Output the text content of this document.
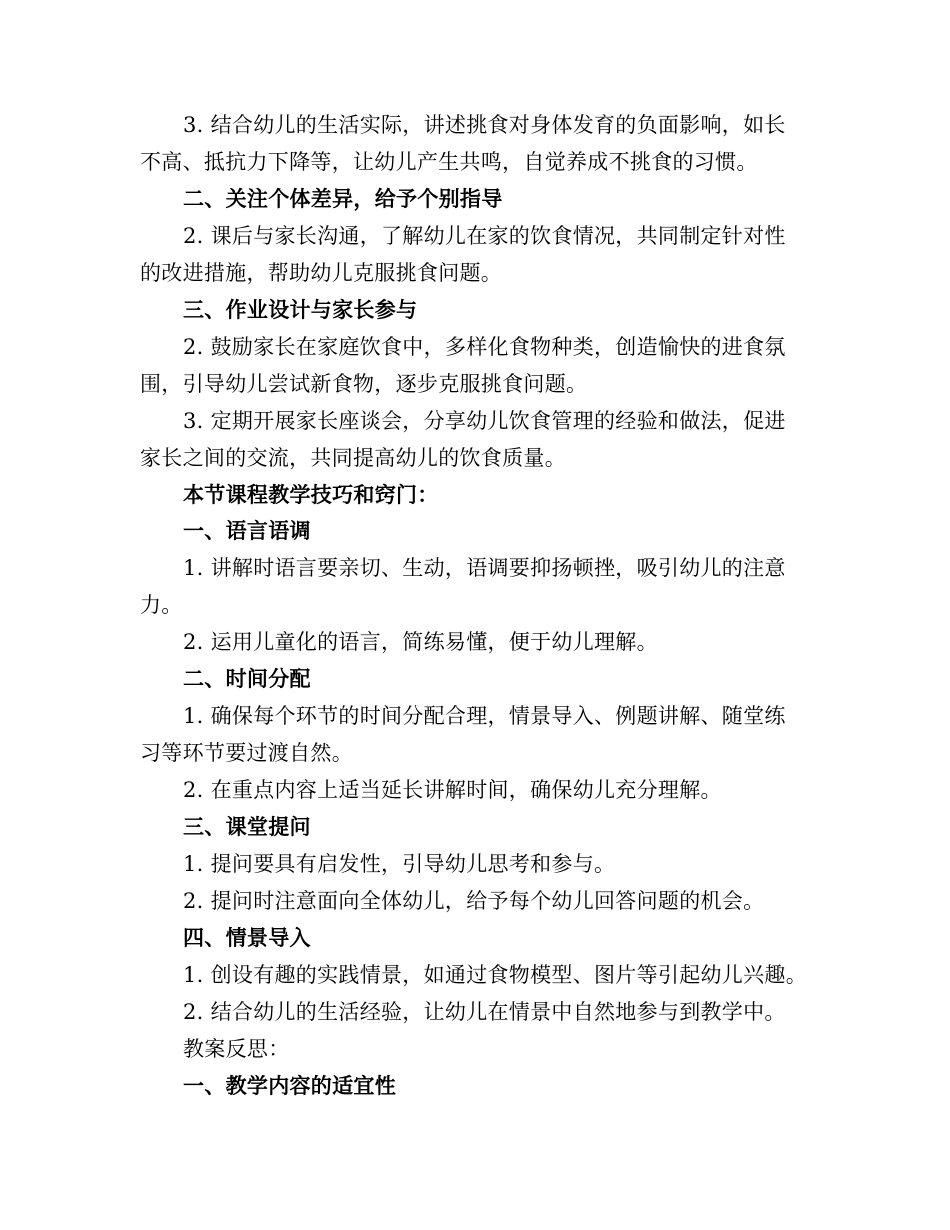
3. 结合幼儿的生活实际，讲述挑食对身体发育的负面影响，如长
不高、抵抗力下降等，让幼儿产生共鸣，自觉养成不挑食的习惯。
二、关注个体差异，给予个别指导
2. 课后与家长沟通，了解幼儿在家的饮食情况，共同制定针对性
的改进措施，帮助幼儿克服挑食问题。
三、作业设计与家长参与
2. 鼓励家长在家庭饮食中，多样化食物种类，创造愉快的进食氛
围，引导幼儿尝试新食物，逐步克服挑食问题。
3. 定期开展家长座谈会，分享幼儿饮食管理的经验和做法，促进
家长之间的交流，共同提高幼儿的饮食质量。
本节课程教学技巧和窍门：
一、语言语调
1. 讲解时语言要亲切、生动，语调要抑扬顿挫，吸引幼儿的注意
力。
2. 运用儿童化的语言，简练易懂，便于幼儿理解。
二、时间分配
1. 确保每个环节的时间分配合理，情景导入、例题讲解、随堂练
习等环节要过渡自然。
2. 在重点内容上适当延长讲解时间，确保幼儿充分理解。
三、课堂提问
1. 提问要具有启发性，引导幼儿思考和参与。
2. 提问时注意面向全体幼儿，给予每个幼儿回答问题的机会。
四、情景导入
1. 创设有趣的实践情景，如通过食物模型、图片等引起幼儿兴趣。
2. 结合幼儿的生活经验，让幼儿在情景中自然地参与到教学中。
教案反思：
一、教学内容的适宜性
